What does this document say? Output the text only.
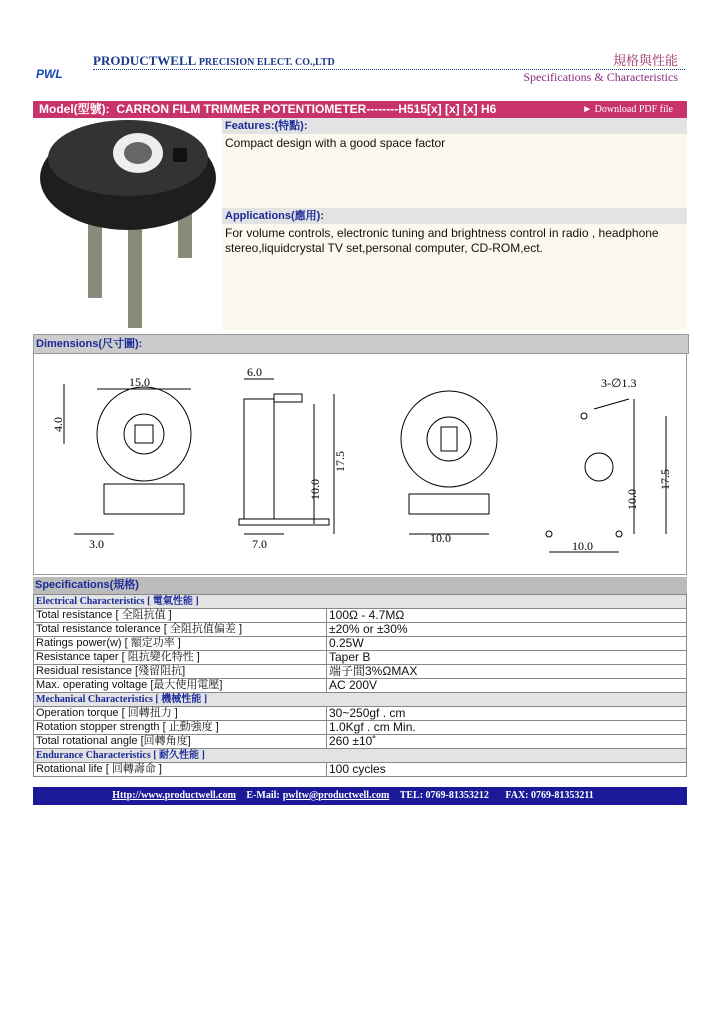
PWL
PRODUCTWELL PRECISION ELECT. CO.,LTD	規格與性能
Specifications & Characteristics
Model(型號): CARRON FILM TRIMMER POTENTIOMETER--------H515[x] [x] [x] H6	► Download PDF file
Features:(特點):
Compact design with a good space factor
Applications(應用):
For volume controls, electronic tuning and brightness control in radio , headphone stereo,liquidcrystal TV set,personal computer, CD-ROM,ect.
Dimensions(尺寸圖):
15.0
4.0
3.0
6.0
17.5
10.0
7.0	10.0
3-∅1.3
17.5
10.0
10.0
Specifications(規格)
Electrical Characteristics [ 電氣性能 ]	
Total resistance [ 全阻抗值 ]	100Ω - 4.7MΩ
Total resistance tolerance [ 全阻抗值偏差 ]	±20% or ±30%
Ratings power(w) [ 額定功率 ]	0.25W
Resistance taper [ 阻抗變化特性 ]	Taper B
Residual resistance [殘留阻抗]	端子間3%ΩMAX
Max. operating voltage [最大使用電壓]	AC 200V
Mechanical Characteristics [ 機械性能 ]	
Operation torque [ 回轉扭力 ]	30~250gf . cm
Rotation stopper strength [ 止動強度 ]	1.0Kgf . cm Min.
Total rotational angle [回轉角度]	260 ±10˚
Endurance Characteristics [ 耐久性能 ]	
Rotational life [ 回轉壽命 ]	100 cycles
Http://www.productwell.com E-Mail: pwltw@productwell.com TEL: 0769-81353212 FAX: 0769-81353211
